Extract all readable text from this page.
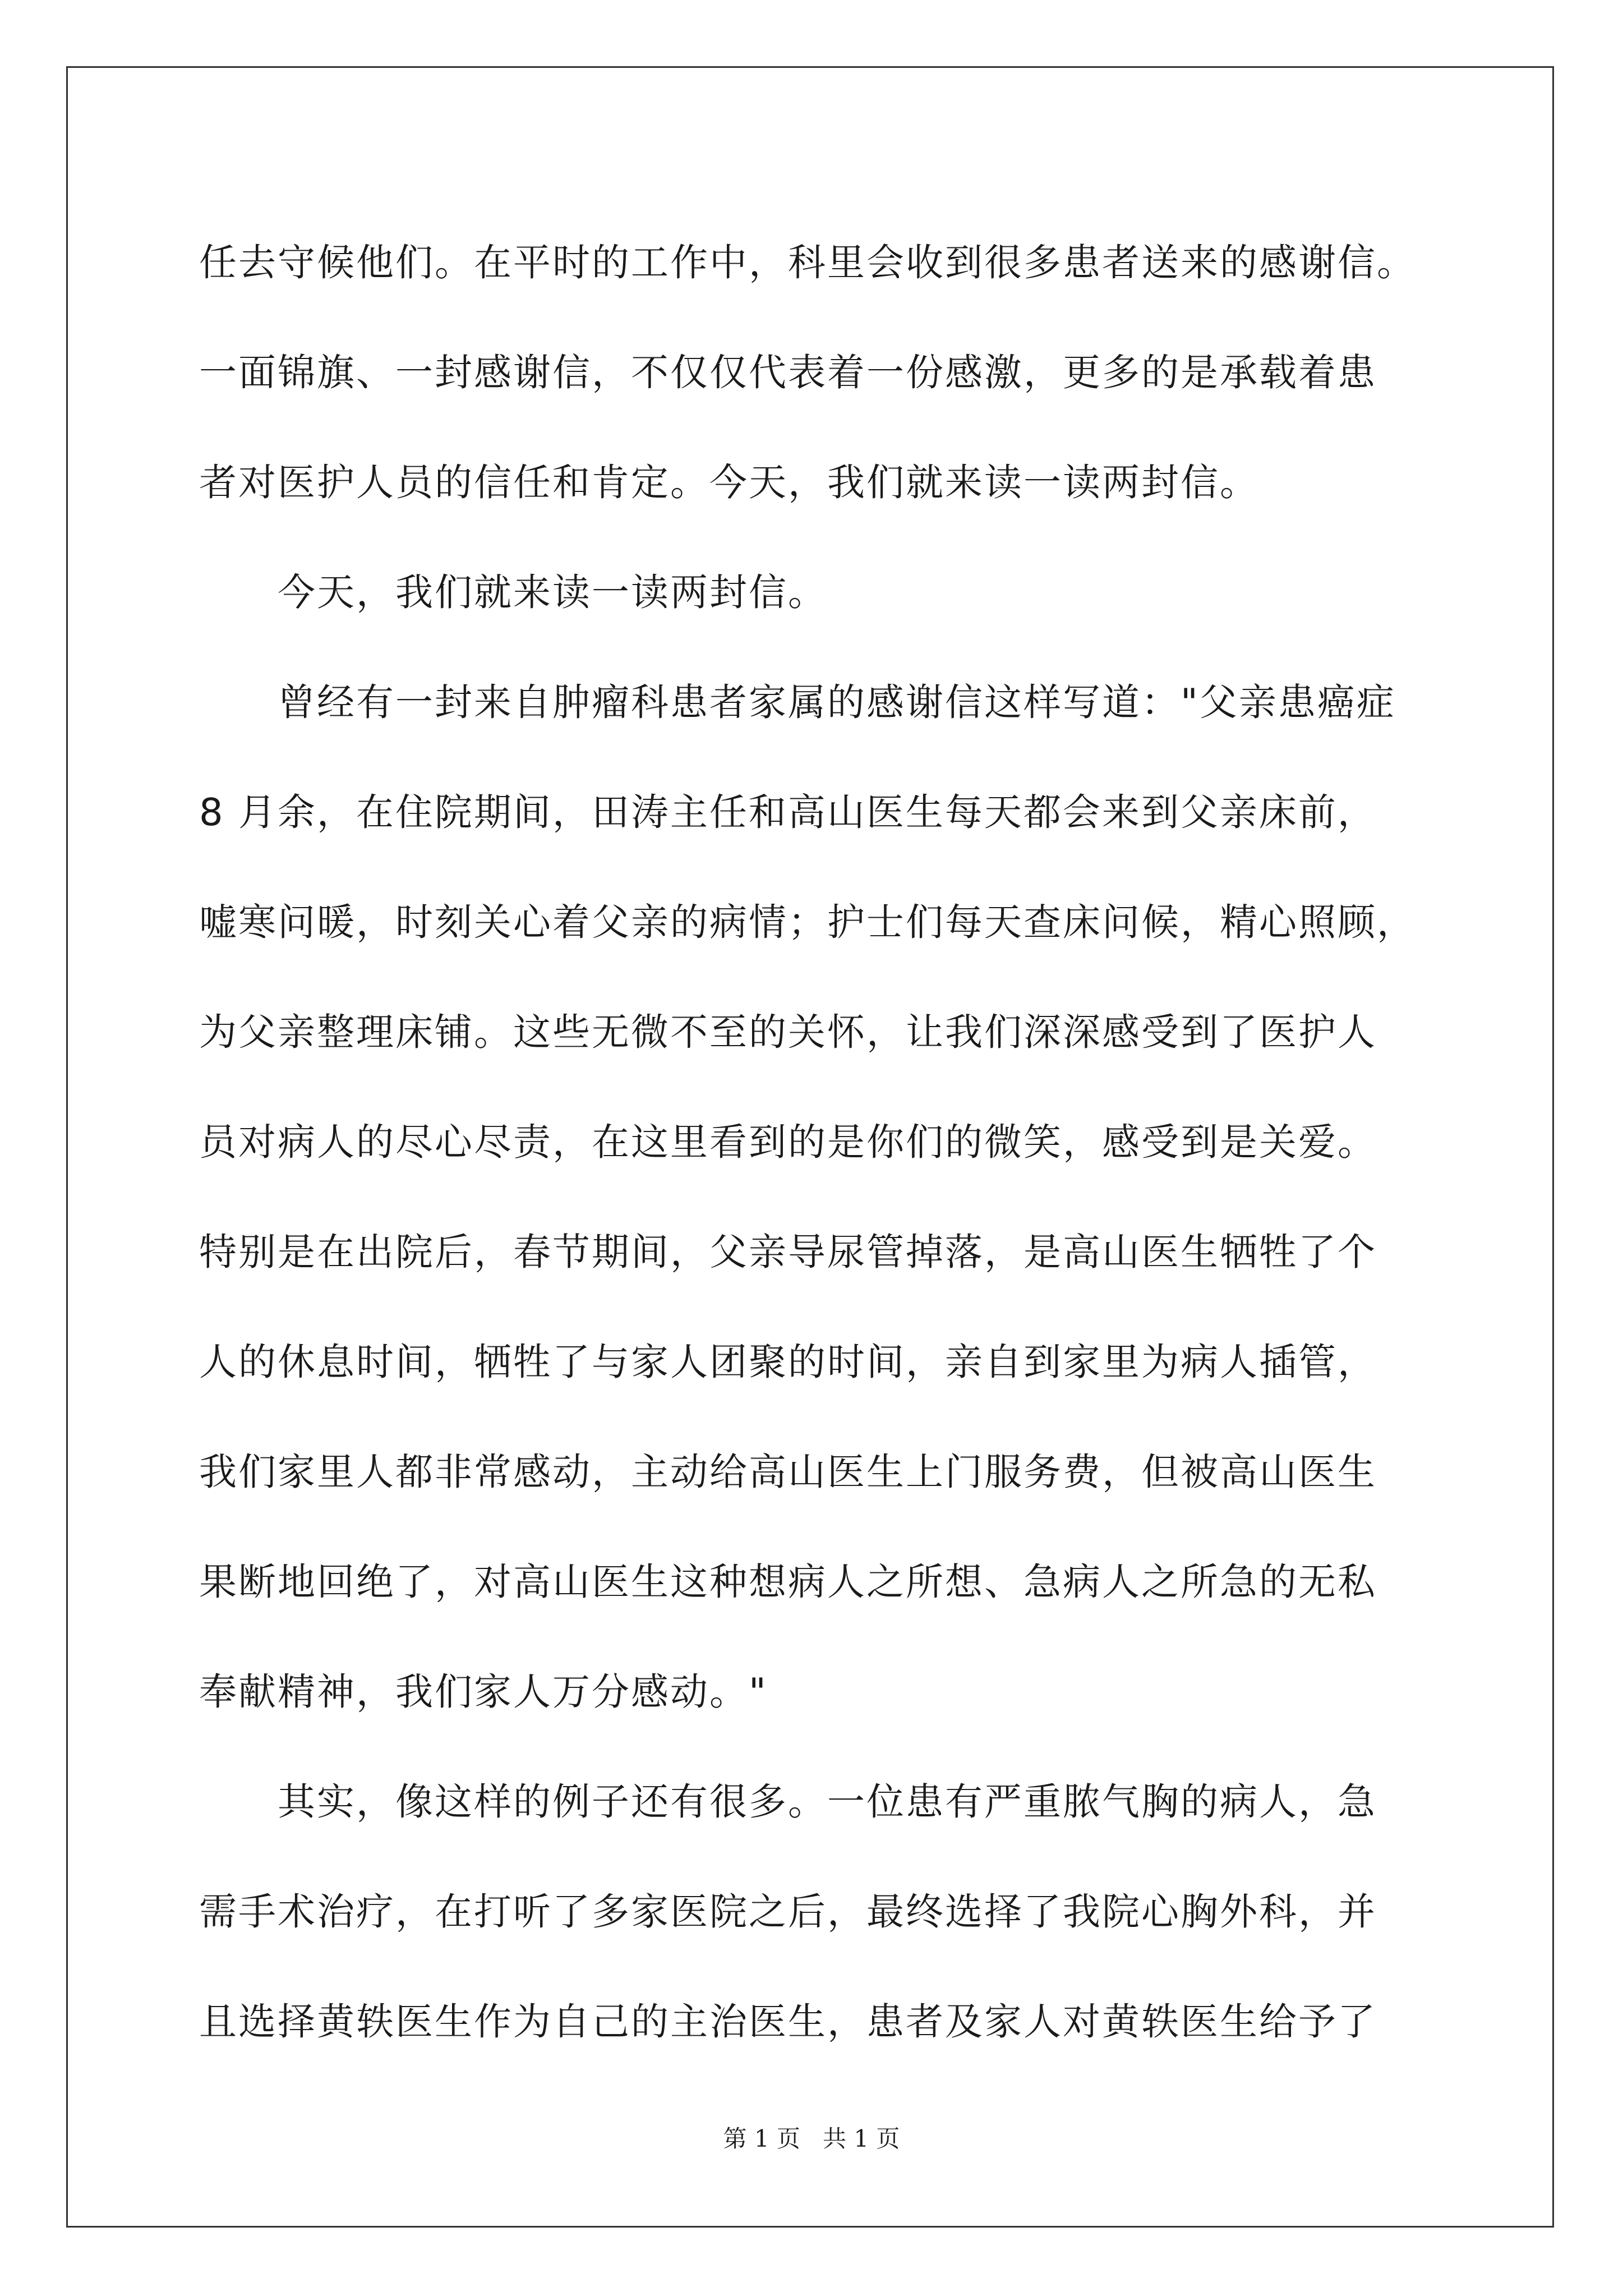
任去守候他们。在平时的工作中，科里会收到很多患者送来的感谢信。
一面锦旗、一封感谢信，不仅仅代表着一份感激，更多的是承载着患
者对医护人员的信任和肯定。今天，我们就来读一读两封信。
　　今天，我们就来读一读两封信。
　　曾经有一封来自肿瘤科患者家属的感谢信这样写道："父亲患癌症
8 月余，在住院期间，田涛主任和高山医生每天都会来到父亲床前，
嘘寒问暖，时刻关心着父亲的病情；护士们每天查床问候，精心照顾，
为父亲整理床铺。这些无微不至的关怀，让我们深深感受到了医护人
员对病人的尽心尽责，在这里看到的是你们的微笑，感受到是关爱。
特别是在出院后，春节期间，父亲导尿管掉落，是高山医生牺牲了个
人的休息时间，牺牲了与家人团聚的时间，亲自到家里为病人插管，
我们家里人都非常感动，主动给高山医生上门服务费，但被高山医生
果断地回绝了，对高山医生这种想病人之所想、急病人之所急的无私
奉献精神，我们家人万分感动。"
　　其实，像这样的例子还有很多。一位患有严重脓气胸的病人，急
需手术治疗，在打听了多家医院之后，最终选择了我院心胸外科，并
且选择黄轶医生作为自己的主治医生，患者及家人对黄轶医生给予了
第 1 页 共 1 页
